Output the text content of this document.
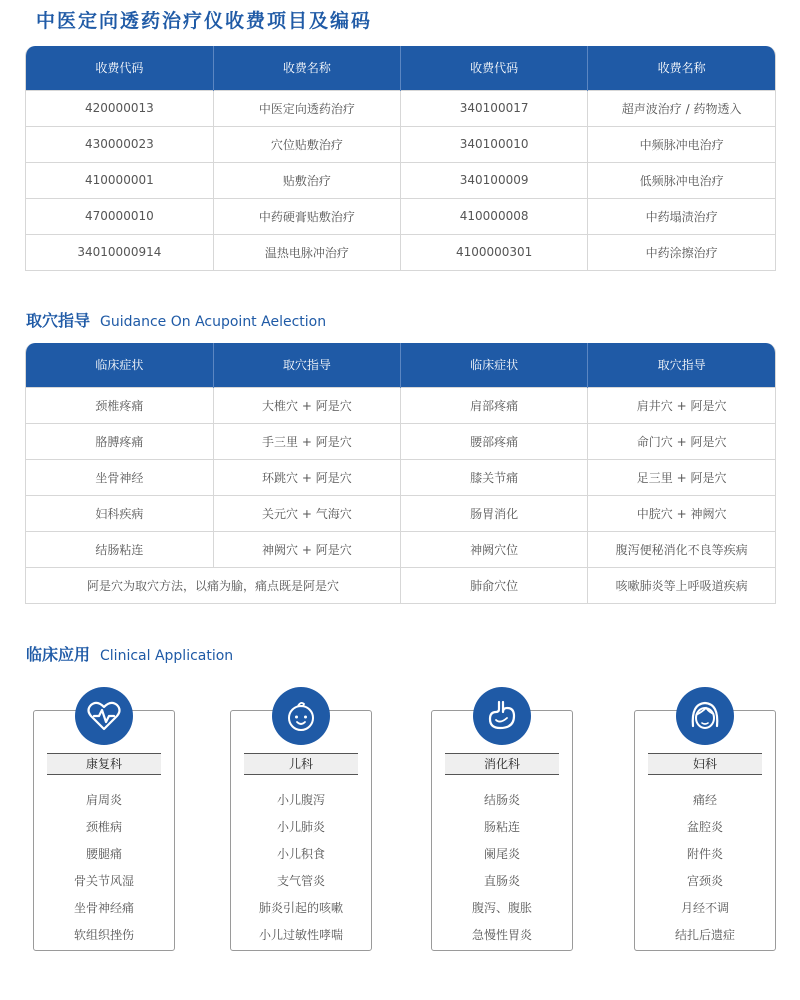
中医定向透药治疗仪收费项目及编码
收费代码	收费名称	收费代码	收费名称
420000013	中医定向透药治疗	340100017	超声波治疗 / 药物透入
430000023	穴位贴敷治疗	340100010	中频脉冲电治疗
410000001	贴敷治疗	340100009	低频脉冲电治疗
470000010	中药硬膏贴敷治疗	410000008	中药塌渍治疗
34010000914	温热电脉冲治疗	4100000301	中药涂擦治疗
取穴指导 Guidance On Acupoint Aelection
临床症状	取穴指导	临床症状	取穴指导
颈椎疼痛	大椎穴 + 阿是穴	肩部疼痛	肩井穴 + 阿是穴
胳膊疼痛	手三里 + 阿是穴	腰部疼痛	命门穴 + 阿是穴
坐骨神经	环跳穴 + 阿是穴	膝关节痛	足三里 + 阿是穴
妇科疾病	关元穴 + 气海穴	肠胃消化	中脘穴 + 神阙穴
结肠粘连	神阙穴 + 阿是穴	神阙穴位	腹泻便秘消化不良等疾病
阿是穴为取穴方法，以痛为腧，痛点既是阿是穴		肺俞穴位	咳嗽肺炎等上呼吸道疾病
临床应用 Clinical Application
康复科
肩周炎
颈椎病
腰腿痛
骨关节风湿
坐骨神经痛
软组织挫伤
儿科
小儿腹泻
小儿肺炎
小儿积食
支气管炎
肺炎引起的咳嗽
小儿过敏性哮喘
消化科
结肠炎
肠粘连
阑尾炎
直肠炎
腹泻、腹胀
急慢性胃炎
妇科
痛经
盆腔炎
附件炎
宫颈炎
月经不调
结扎后遗症
